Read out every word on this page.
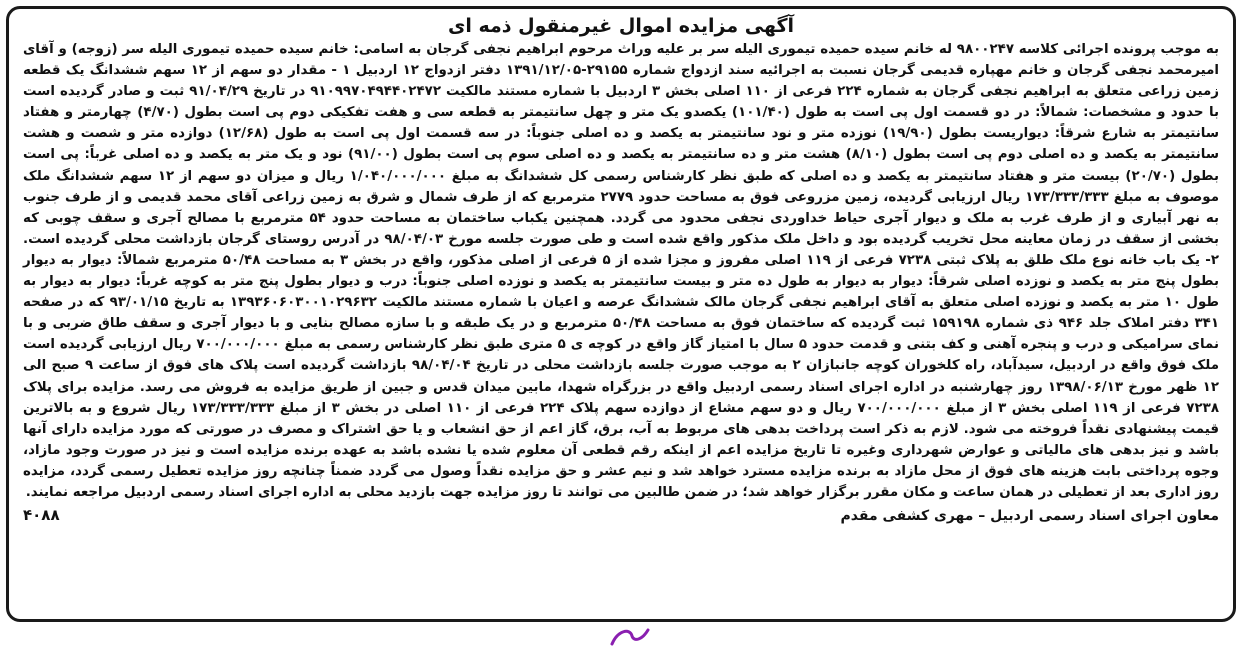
آگهی مزایده اموال غیرمنقول ذمه ای

به موجب پرونده اجرائی کلاسه ۹۸۰۰۲۴۷ له خانم سیده حمیده تیموری الیله سر بر علیه وراث مرحوم ابراهیم نجفی گرجان به اسامی: خانم سیده حمیده تیموری الیله سر (زوجه) و آقای امیرمحمد نجفی گرجان و خانم مهپاره قدیمی گرجان نسبت به اجرائیه سند ازدواج شماره ۲۹۱۵۵-۱۳۹۱/۱۲/۰۵ دفتر ازدواج ۱۲ اردبیل ۱ - مقدار دو سهم از ۱۲ سهم ششدانگ یک قطعه زمین زراعی متعلق به ابراهیم نجفی گرجان به شماره ۲۲۴ فرعی از ۱۱۰ اصلی بخش ۳ اردبیل با شماره مستند مالکیت ۹۱۰۹۹۷۰۴۹۴۴۰۲۴۷۲ در تاریخ ۹۱/۰۴/۲۹ ثبت و صادر گردیده است با حدود و مشخصات: شمالاً: در دو قسمت اول پی است به طول (۱۰۱/۴۰) یکصدو یک متر و چهل سانتیمتر به قطعه سی و هفت تفکیکی دوم پی است بطول (۴/۷۰) چهارمتر و هفتاد سانتیمتر به شارع شرقاً: دیواریست بطول (۱۹/۹۰) نوزده متر و نود سانتیمتر به یکصد و ده اصلی جنوباً: در سه قسمت اول پی است به طول (۱۲/۶۸) دوازده متر و شصت و هشت سانتیمتر به یکصد و ده اصلی دوم پی است بطول (۸/۱۰) هشت متر و ده سانتیمتر به یکصد و ده اصلی سوم پی است بطول (۹۱/۰۰) نود و یک متر به یکصد و ده اصلی غرباً: پی است بطول (۲۰/۷۰) بیست متر و هفتاد سانتیمتر به یکصد و ده اصلی که طبق نظر کارشناس رسمی کل ششدانگ به مبلغ ۱/۰۴۰/۰۰۰/۰۰۰ ریال و میزان دو سهم از ۱۲ سهم ششدانگ ملک موصوف به مبلغ ۱۷۳/۳۳۳/۳۳۳ ریال ارزیابی گردیده، زمین مزروعی فوق به مساحت حدود ۲۷۷۹ مترمربع که از طرف شمال و شرق به زمین زراعی آقای محمد قدیمی و از طرف جنوب به نهر آبیاری و از طرف غرب به ملک و دیوار آجری حیاط خداوردی نجفی محدود می گردد. همچنین یکباب ساختمان به مساحت حدود ۵۴ مترمربع با مصالح آجری و سقف چوبی که بخشی از سقف در زمان معاینه محل تخریب گردیده بود و داخل ملک مذکور واقع شده است و طی صورت جلسه مورخ ۹۸/۰۴/۰۳ در آدرس روستای گرجان بازداشت محلی گردیده است. ۲- یک باب خانه نوع ملک طلق به پلاک ثبتی ۷۲۳۸ فرعی از ۱۱۹ اصلی مفروز و مجزا شده از ۵ فرعی از اصلی مذکور، واقع در بخش ۳ به مساحت ۵۰/۴۸ مترمربع شمالاً: دیوار به دیوار بطول پنج متر به یکصد و نوزده اصلی شرقاً: دیوار به دیوار به طول ده متر و بیست سانتیمتر به یکصد و نوزده اصلی جنوباً: درب و دیوار بطول پنج متر به کوچه غرباً: دیوار به دیوار به طول ۱۰ متر به یکصد و نوزده اصلی متعلق به آقای ابراهیم نجفی گرجان مالک ششدانگ عرصه و اعیان با شماره مستند مالکیت ۱۳۹۳۶۰۶۰۳۰۰۱۰۲۹۶۳۲ به تاریخ ۹۳/۰۱/۱۵ که در صفحه ۳۴۱ دفتر املاک جلد ۹۴۶ ذی شماره ۱۵۹۱۹۸ ثبت گردیده که ساختمان فوق به مساحت ۵۰/۴۸ مترمربع و در یک طبقه و با سازه مصالح بنایی و با دیوار آجری و سقف طاق ضربی و با نمای سرامیکی و درب و پنجره آهنی و کف بتنی و قدمت حدود ۵ سال با امتیاز گاز واقع در کوچه ی ۵ متری طبق نظر کارشناس رسمی به مبلغ ۷۰۰/۰۰۰/۰۰۰ ریال ارزیابی گردیده است ملک فوق واقع در اردبیل، سیدآباد، راه کلخوران کوچه جانبازان ۲ به موجب صورت جلسه بازداشت محلی در تاریخ ۹۸/۰۴/۰۴ بازداشت گردیده است پلاک های فوق از ساعت ۹ صبح الی ۱۲ ظهر مورخ ۱۳۹۸/۰۶/۱۳ روز چهارشنبه در اداره اجرای اسناد رسمی اردبیل واقع در بزرگراه شهدا، مابین میدان قدس و جبین از طریق مزایده به فروش می رسد. مزایده برای پلاک ۷۲۳۸ فرعی از ۱۱۹ اصلی بخش ۳ از مبلغ ۷۰۰/۰۰۰/۰۰۰ ریال و دو سهم مشاع از دوازده سهم پلاک ۲۲۴ فرعی از ۱۱۰ اصلی در بخش ۳ از مبلغ ۱۷۳/۳۳۳/۳۳۳ ریال شروع و به بالاترین قیمت پیشنهادی نقداً فروخته می شود. لازم به ذکر است پرداخت بدهی های مربوط به آب، برق، گاز اعم از حق انشعاب و یا حق اشتراک و مصرف در صورتی که مورد مزایده دارای آنها باشد و نیز بدهی های مالیاتی و عوارض شهرداری وغیره تا تاریخ مزایده اعم از اینکه رقم قطعی آن معلوم شده یا نشده باشد به عهده برنده مزایده است و نیز در صورت وجود مازاد، وجوه پرداختی بابت هزینه های فوق از محل مازاد به برنده مزایده مسترد خواهد شد و نیم عشر و حق مزایده نقداً وصول می گردد ضمناً چنانچه روز مزایده تعطیل رسمی گردد، مزایده روز اداری بعد از تعطیلی در همان ساعت و مکان مقرر برگزار خواهد شد؛ در ضمن طالبین می توانند تا روز مزایده جهت بازدید محلی به اداره اجرای اسناد رسمی اردبیل مراجعه نمایند.

معاون اجرای اسناد رسمی اردبیل – مهری کشفی مقدم
۴۰۸۸
